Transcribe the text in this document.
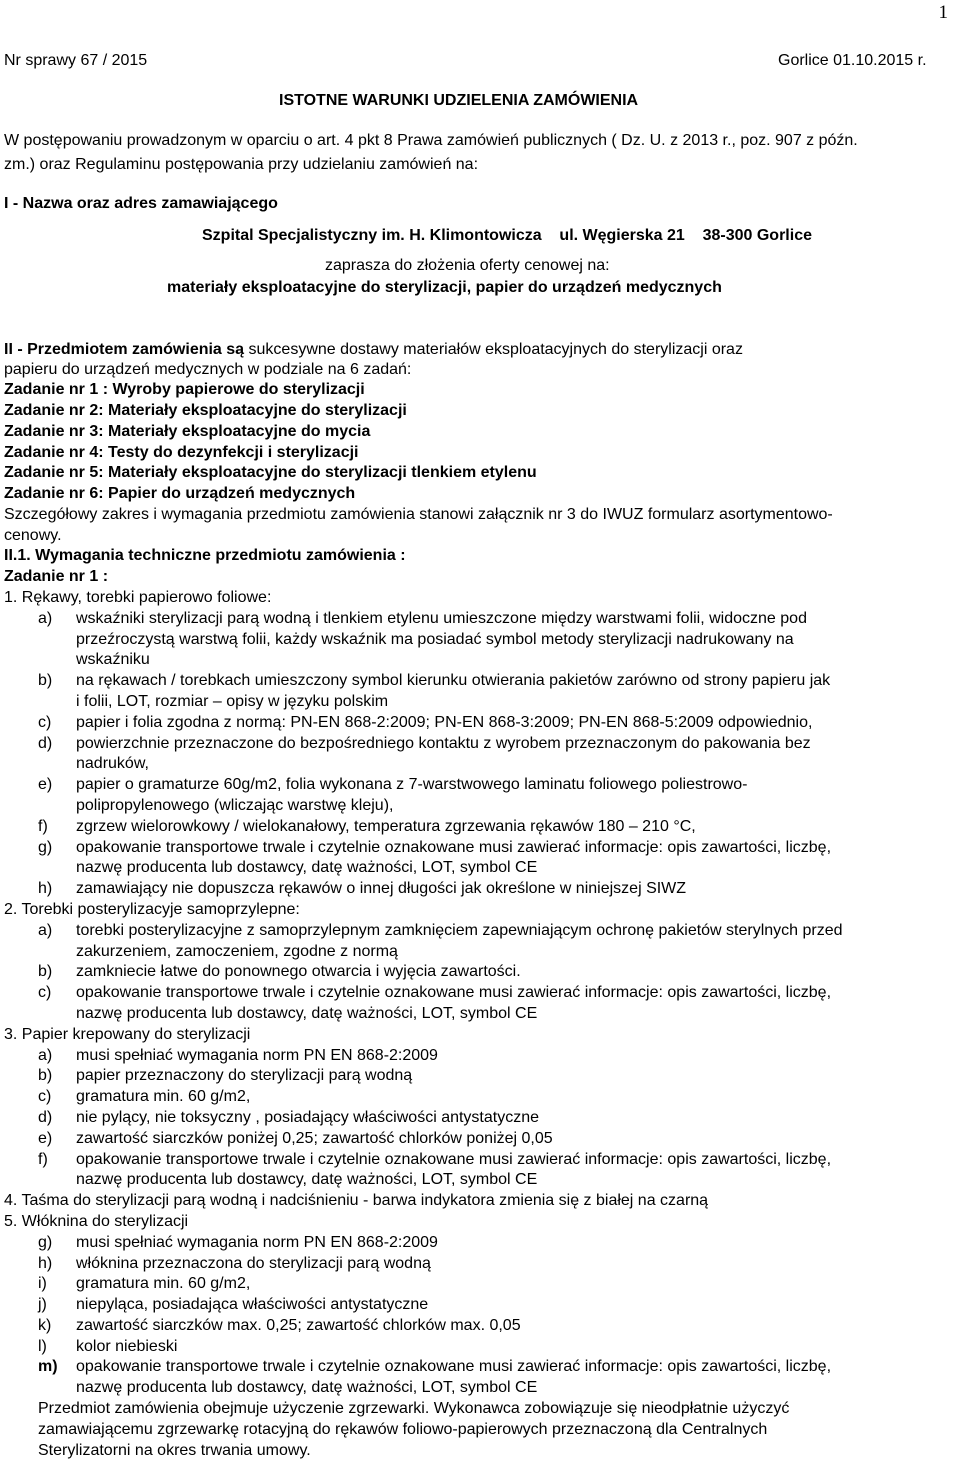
1
Nr sprawy 67 / 2015	Gorlice 01.10.2015 r.
ISTOTNE WARUNKI UDZIELENIA ZAMÓWIENIA
W postępowaniu prowadzonym w oparciu o art. 4 pkt 8 Prawa zamówień publicznych ( Dz. U. z 2013 r., poz. 907 z późn.
zm.) oraz Regulaminu postępowania przy udzielaniu zamówień na:
I - Nazwa oraz adres zamawiającego
Szpital Specjalistyczny im. H. Klimontowicza    ul. Węgierska 21    38-300 Gorlice
zaprasza do złożenia oferty cenowej na:
materiały eksploatacyjne do sterylizacji, papier do urządzeń medycznych
II - Przedmiotem zamówienia są sukcesywne dostawy materiałów eksploatacyjnych do sterylizacji oraz
papieru do urządzeń medycznych w podziale na 6 zadań:
Zadanie nr 1 : Wyroby papierowe do sterylizacji
Zadanie nr 2: Materiały eksploatacyjne do sterylizacji
Zadanie nr 3: Materiały eksploatacyjne do mycia
Zadanie nr 4: Testy do dezynfekcji i sterylizacji
Zadanie nr 5: Materiały eksploatacyjne do sterylizacji tlenkiem etylenu
Zadanie nr 6: Papier do urządzeń medycznych
Szczegółowy zakres i wymagania przedmiotu zamówienia stanowi załącznik nr 3 do IWUZ formularz asortymentowo-
cenowy.
II.1. Wymagania techniczne przedmiotu zamówienia :
Zadanie nr 1 :
1. Rękawy, torebki papierowo foliowe:
a) wskaźniki sterylizacji parą wodną i tlenkiem etylenu umieszczone między warstwami folii, widoczne pod
przeźroczystą warstwą folii, każdy wskaźnik ma posiadać symbol metody sterylizacji nadrukowany na
wskaźniku
b) na rękawach / torebkach umieszczony symbol kierunku otwierania pakietów zarówno od strony papieru jak
i folii, LOT, rozmiar – opisy w języku polskim
c) papier i folia zgodna z normą: PN-EN 868-2:2009; PN-EN 868-3:2009; PN-EN 868-5:2009 odpowiednio,
d) powierzchnie przeznaczone do bezpośredniego kontaktu z wyrobem przeznaczonym do pakowania bez
nadruków,
e) papier o gramaturze 60g/m2, folia wykonana z 7-warstwowego laminatu foliowego poliestrowo-
polipropylenowego (wliczając warstwę kleju),
f) zgrzew wielorowkowy / wielokanałowy, temperatura zgrzewania rękawów 180 – 210 °C,
g) opakowanie transportowe trwale i czytelnie oznakowane musi zawierać informacje: opis zawartości, liczbę,
nazwę producenta lub dostawcy, datę ważności, LOT, symbol CE
h) zamawiający nie dopuszcza rękawów o innej długości jak określone w niniejszej SIWZ
2. Torebki posterylizacyje samoprzylepne:
a) torebki posterylizacyjne z samoprzylepnym zamknięciem zapewniającym ochronę pakietów sterylnych przed
zakurzeniem, zamoczeniem, zgodne z normą
b) zamkniecie łatwe do ponownego otwarcia i wyjęcia zawartości.
c) opakowanie transportowe trwale i czytelnie oznakowane musi zawierać informacje: opis zawartości, liczbę,
nazwę producenta lub dostawcy, datę ważności, LOT, symbol CE
3. Papier krepowany do sterylizacji
a) musi spełniać wymagania norm PN EN 868-2:2009
b) papier przeznaczony do sterylizacji parą wodną
c) gramatura min. 60 g/m2,
d) nie pylący, nie toksyczny , posiadający właściwości antystatyczne
e) zawartość siarczków poniżej 0,25; zawartość chlorków poniżej 0,05
f) opakowanie transportowe trwale i czytelnie oznakowane musi zawierać informacje: opis zawartości, liczbę,
nazwę producenta lub dostawcy, datę ważności, LOT, symbol CE
4. Taśma do sterylizacji parą wodną i nadciśnieniu - barwa indykatora zmienia się z białej na czarną
5. Włóknina do sterylizacji
g) musi spełniać wymagania norm PN EN 868-2:2009
h) włóknina przeznaczona do sterylizacji parą wodną
i) gramatura min. 60 g/m2,
j) niepyląca, posiadająca właściwości antystatyczne
k) zawartość siarczków max. 0,25; zawartość chlorków max. 0,05
l) kolor niebieski
m) opakowanie transportowe trwale i czytelnie oznakowane musi zawierać informacje: opis zawartości, liczbę,
nazwę producenta lub dostawcy, datę ważności, LOT, symbol CE
Przedmiot zamówienia obejmuje użyczenie zgrzewarki. Wykonawca zobowiązuje się nieodpłatnie użyczyć
zamawiającemu zgrzewarkę rotacyjną do rękawów foliowo-papierowych przeznaczoną dla Centralnych
Sterylizatorni na okres trwania umowy.
